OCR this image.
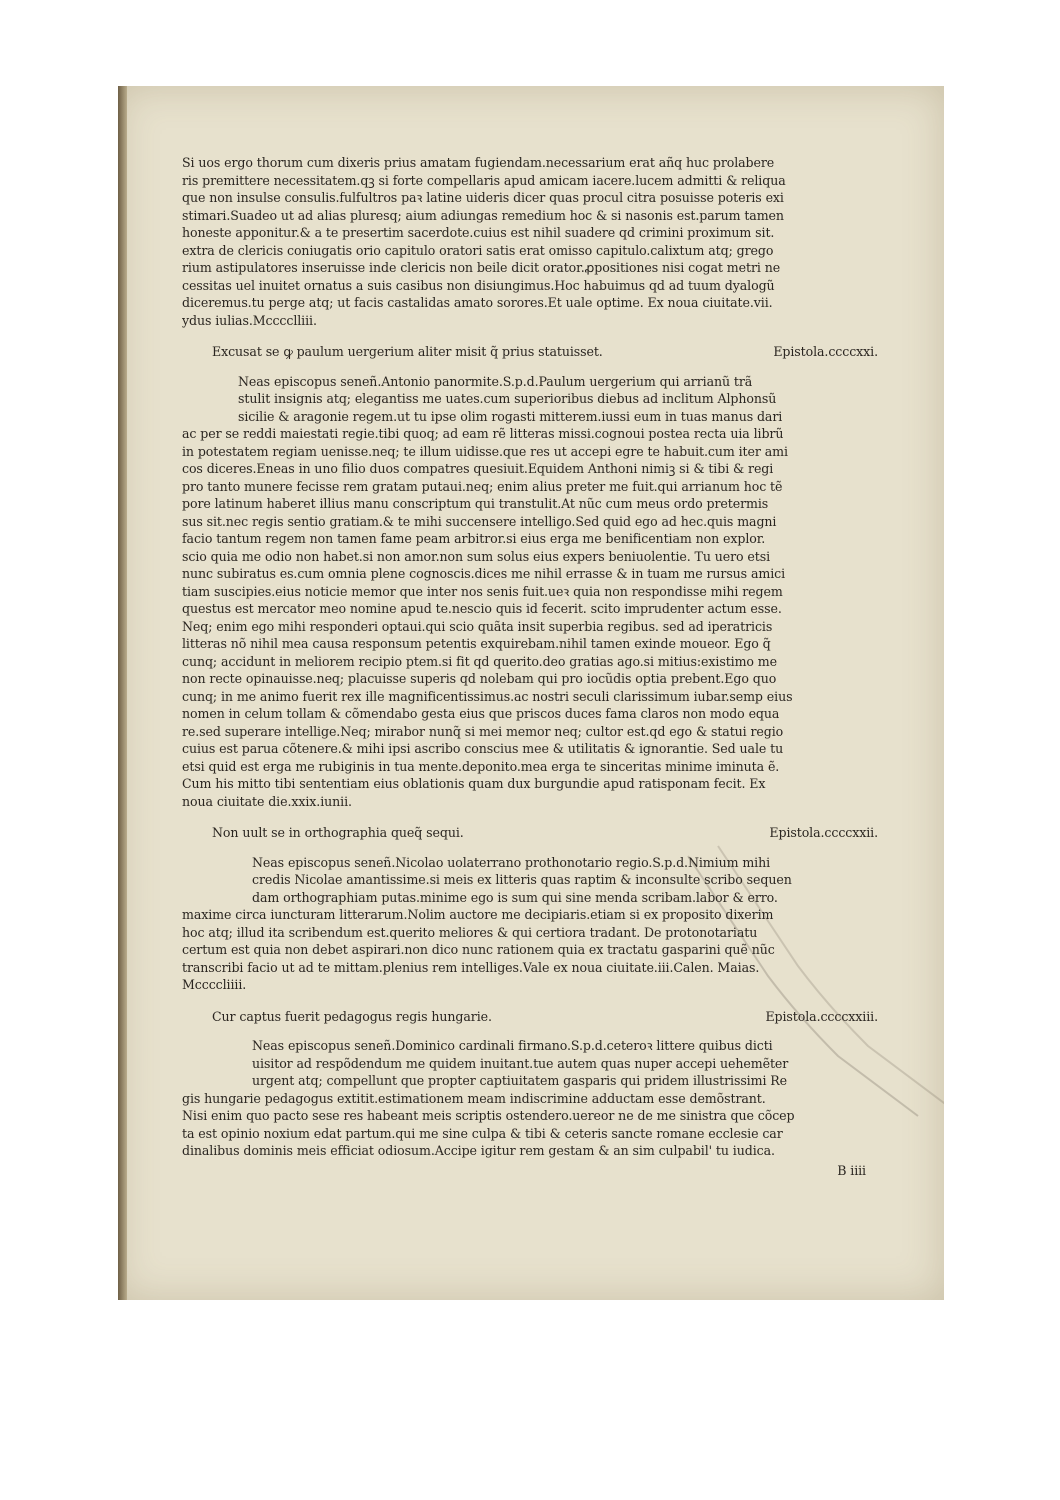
Si uos ergo thorum cum dixeris prius amatam fugiendam.necessarium erat añq huc prolabere
ris premittere necessitatem.qꝫ si forte compellaris apud amicam iacere.lucem admitti & reliqua
que non insulse consulis.fulfultros paꝛ latine uideris dicer quas procul citra posuisse poteris exi
stimari.Suadeo ut ad alias pluresq; aium adiungas remedium hoc & si nasonis est.parum tamen
honeste apponitur.& a te presertim sacerdote.cuius est nihil suadere qd crimini proximum sit.
extra de clericis coniugatis orio capitulo oratori satis erat omisso capitulo.calixtum atq; grego
rium astipulatores inseruisse inde clericis non beile dicit orator.ꝓpositiones nisi cogat metri ne
cessitas uel inuitet ornatus a suis casibus non disiungimus.Hoc habuimus qd ad tuum dyalogũ
diceremus.tu perge atq; ut facis castalidas amato sorores.Et uale optime. Ex noua ciuitate.vii.
ydus iulias.Mcccclliii.
Excusat se ꝙ paulum uergerium aliter misit q̃ prius statuisset.	Epistola.ccccxxi.
Neas episcopus seneñ.Antonio panormite.S.p.d.Paulum uergerium qui arrianũ trã
stulit insignis atq; elegantiss me uates.cum superioribus diebus ad inclitum Alphonsũ
sicilie & aragonie regem.ut tu ipse olim rogasti mitterem.iussi eum in tuas manus dari
ac per se reddi maiestati regie.tibi quoq; ad eam rẽ litteras missi.cognoui postea recta uia librũ
in potestatem regiam uenisse.neq; te illum uidisse.que res ut accepi egre te habuit.cum iter ami
cos diceres.Eneas in uno filio duos compatres quesiuit.Equidem Anthoni nimiꝫ si & tibi & regi
pro tanto munere fecisse rem gratam putaui.neq; enim alius preter me fuit.qui arrianum hoc tẽ
pore latinum haberet illius manu conscriptum qui transtulit.At nũc cum meus ordo pretermis
sus sit.nec regis sentio gratiam.& te mihi succensere intelligo.Sed quid ego ad hec.quis magni
facio tantum regem non tamen fame peam arbitror.si eius erga me benificentiam non explor.
scio quia me odio non habet.si non amor.non sum solus eius expers beniuolentie. Tu uero etsi
nunc subiratus es.cum omnia plene cognoscis.dices me nihil errasse & in tuam me rursus amici
tiam suscipies.eius noticie memor que inter nos senis fuit.ueꝛ quia non respondisse mihi regem
questus est mercator meo nomine apud te.nescio quis id fecerit. scito imprudenter actum esse.
Neq; enim ego mihi responderi optaui.qui scio quãta insit superbia regibus. sed ad iperatricis
litteras nõ nihil mea causa responsum petentis exquirebam.nihil tamen exinde moueor. Ego q̃
cunq; accidunt in meliorem recipio ptem.si fit qd querito.deo gratias ago.si mitius:existimo me
non recte opinauisse.neq; placuisse superis qd nolebam qui pro iocũdis optia prebent.Ego quo
cunq; in me animo fuerit rex ille magnificentissimus.ac nostri seculi clarissimum iubar.semp eius
nomen in celum tollam & cõmendabo gesta eius que priscos duces fama claros non modo equa
re.sed superare intellige.Neq; mirabor nunq̃ si mei memor neq; cultor est.qd ego & statui regio
cuius est parua cõtenere.& mihi ipsi ascribo conscius mee & utilitatis & ignorantie. Sed uale tu
etsi quid est erga me rubiginis in tua mente.deponito.mea erga te sinceritas minime iminuta ẽ.
Cum his mitto tibi sententiam eius oblationis quam dux burgundie apud ratisponam fecit. Ex
noua ciuitate die.xxix.iunii.
Non uult se in orthographia queq̃ sequi.	Epistola.ccccxxii.
Neas episcopus seneñ.Nicolao uolaterrano prothonotario regio.S.p.d.Nimium mihi
credis Nicolae amantissime.si meis ex litteris quas raptim & inconsulte scribo sequen
dam orthographiam putas.minime ego is sum qui sine menda scribam.labor & erro.
maxime circa iuncturam litterarum.Nolim auctore me decipiaris.etiam si ex proposito dixerim
hoc atq; illud ita scribendum est.querito meliores & qui certiora tradant. De protonotariatu
certum est quia non debet aspirari.non dico nunc rationem quia ex tractatu gasparini quẽ nũc
transcribi facio ut ad te mittam.plenius rem intelliges.Vale ex noua ciuitate.iii.Calen. Maias.
Mccccliiii.
Cur captus fuerit pedagogus regis hungarie.	Epistola.ccccxxiii.
Neas episcopus seneñ.Dominico cardinali firmano.S.p.d.ceteroꝛ littere quibus dicti
uisitor ad respõdendum me quidem inuitant.tue autem quas nuper accepi uehemẽter
urgent atq; compellunt que propter captiuitatem gasparis qui pridem illustrissimi Re
gis hungarie pedagogus extitit.estimationem meam indiscrimine adductam esse demõstrant.
Nisi enim quo pacto sese res habeant meis scriptis ostendero.uereor ne de me sinistra que cõcep
ta est opinio noxium edat partum.qui me sine culpa & tibi & ceteris sancte romane ecclesie car
dinalibus dominis meis efficiat odiosum.Accipe igitur rem gestam & an sim culpabil' tu iudica.
B iiii
